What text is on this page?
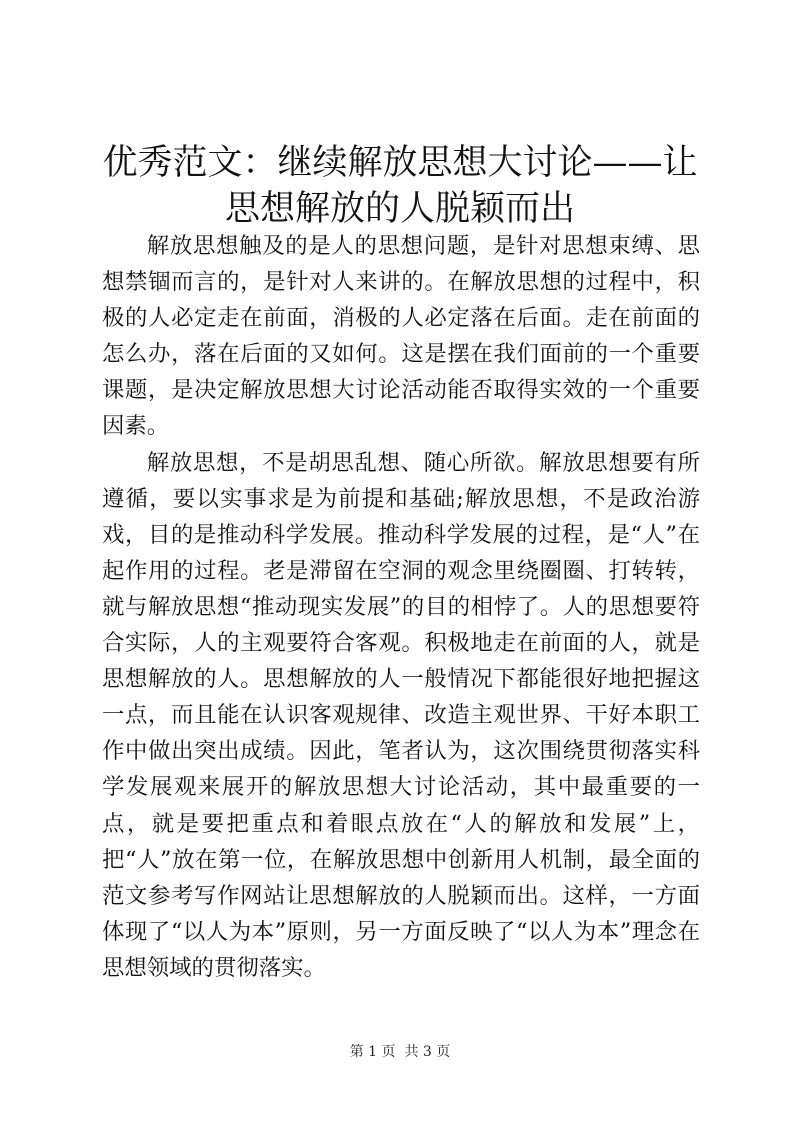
优秀范文：继续解放思想大讨论——让思想解放的人脱颖而出

解放思想触及的是人的思想问题，是针对思想束缚、思想禁锢而言的，是针对人来讲的。在解放思想的过程中，积极的人必定走在前面，消极的人必定落在后面。走在前面的怎么办，落在后面的又如何。这是摆在我们面前的一个重要课题，是决定解放思想大讨论活动能否取得实效的一个重要因素。

解放思想，不是胡思乱想、随心所欲。解放思想要有所遵循，要以实事求是为前提和基础;解放思想，不是政治游戏，目的是推动科学发展。推动科学发展的过程，是“人”在起作用的过程。老是滞留在空洞的观念里绕圈圈、打转转，就与解放思想“推动现实发展”的目的相悖了。人的思想要符合实际，人的主观要符合客观。积极地走在前面的人，就是思想解放的人。思想解放的人一般情况下都能很好地把握这一点，而且能在认识客观规律、改造主观世界、干好本职工作中做出突出成绩。因此，笔者认为，这次围绕贯彻落实科学发展观来展开的解放思想大讨论活动，其中最重要的一点，就是要把重点和着眼点放在“人的解放和发展”上，把“人”放在第一位，在解放思想中创新用人机制，最全面的范文参考写作网站让思想解放的人脱颖而出。这样，一方面体现了“以人为本”原则，另一方面反映了“以人为本”理念在思想领域的贯彻落实。

第 1 页  共 3 页
